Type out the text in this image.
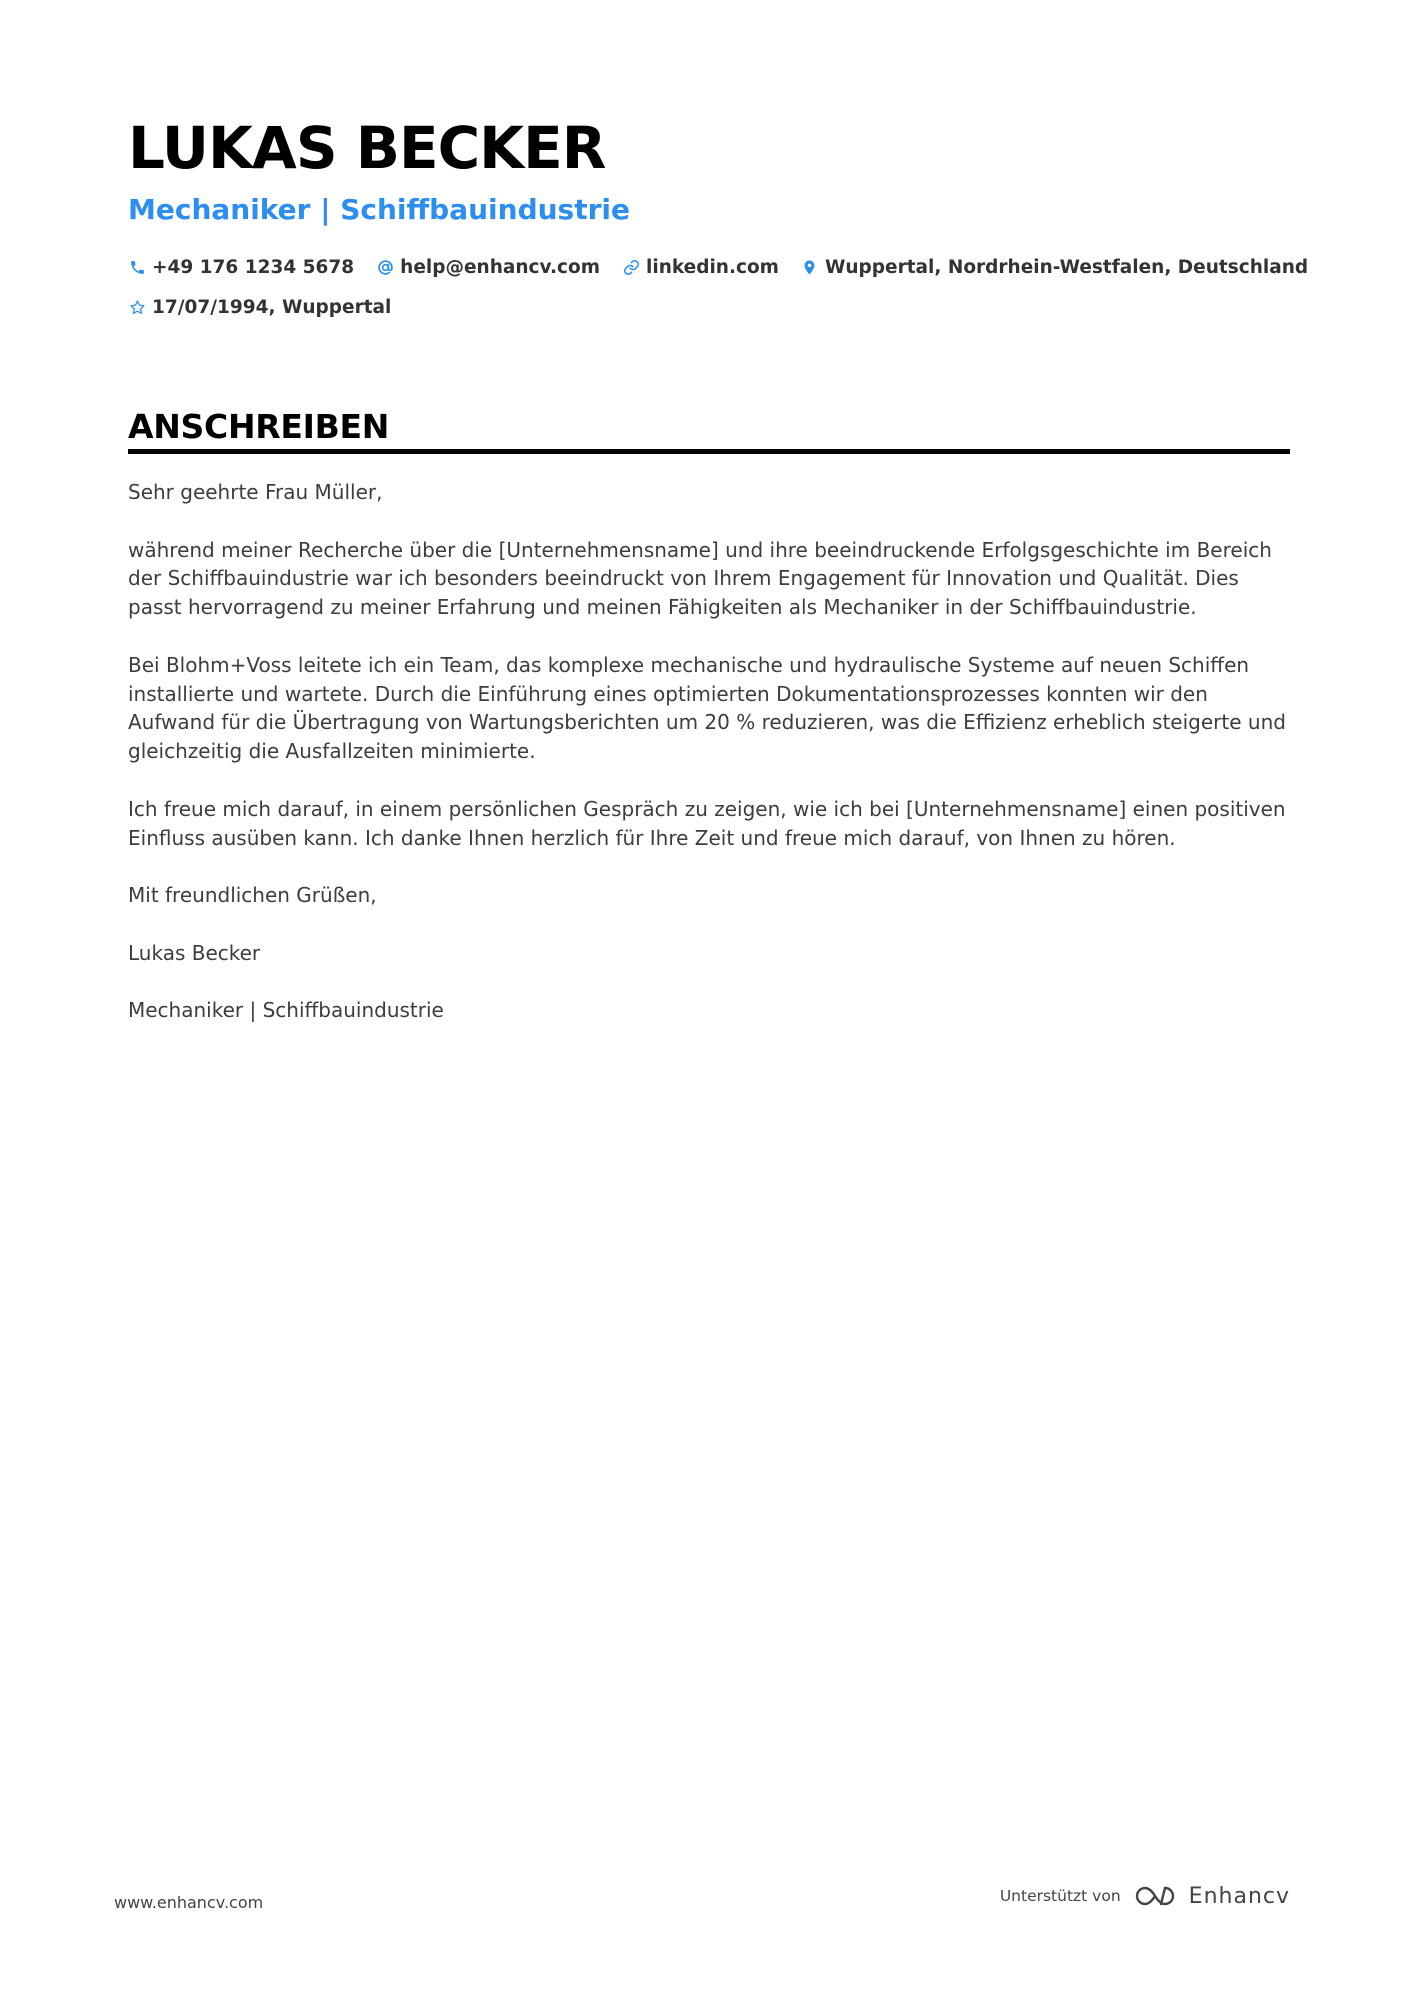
LUKAS BECKER
Mechaniker | Schiffbauindustrie
+49 176 1234 5678 help@enhancv.com linkedin.com Wuppertal, Nordrhein-Westfalen, Deutschland
17/07/1994, Wuppertal
ANSCHREIBEN

Sehr geehrte Frau Müller,

während meiner Recherche über die [Unternehmensname] und ihre beeindruckende Erfolgsgeschichte im Bereich der Schiffbauindustrie war ich besonders beeindruckt von Ihrem Engagement für Innovation und Qualität. Dies passt hervorragend zu meiner Erfahrung und meinen Fähigkeiten als Mechaniker in der Schiffbauindustrie.

Bei Blohm+Voss leitete ich ein Team, das komplexe mechanische und hydraulische Systeme auf neuen Schiffen installierte und wartete. Durch die Einführung eines optimierten Dokumentationsprozesses konnten wir den Aufwand für die Übertragung von Wartungsberichten um 20 % reduzieren, was die Effizienz erheblich steigerte und gleichzeitig die Ausfallzeiten minimierte.

Ich freue mich darauf, in einem persönlichen Gespräch zu zeigen, wie ich bei [Unternehmensname] einen positiven Einfluss ausüben kann. Ich danke Ihnen herzlich für Ihre Zeit und freue mich darauf, von Ihnen zu hören.

Mit freundlichen Grüßen,

Lukas Becker

Mechaniker | Schiffbauindustrie

www.enhancv.com	Unterstützt von	Enhancv
